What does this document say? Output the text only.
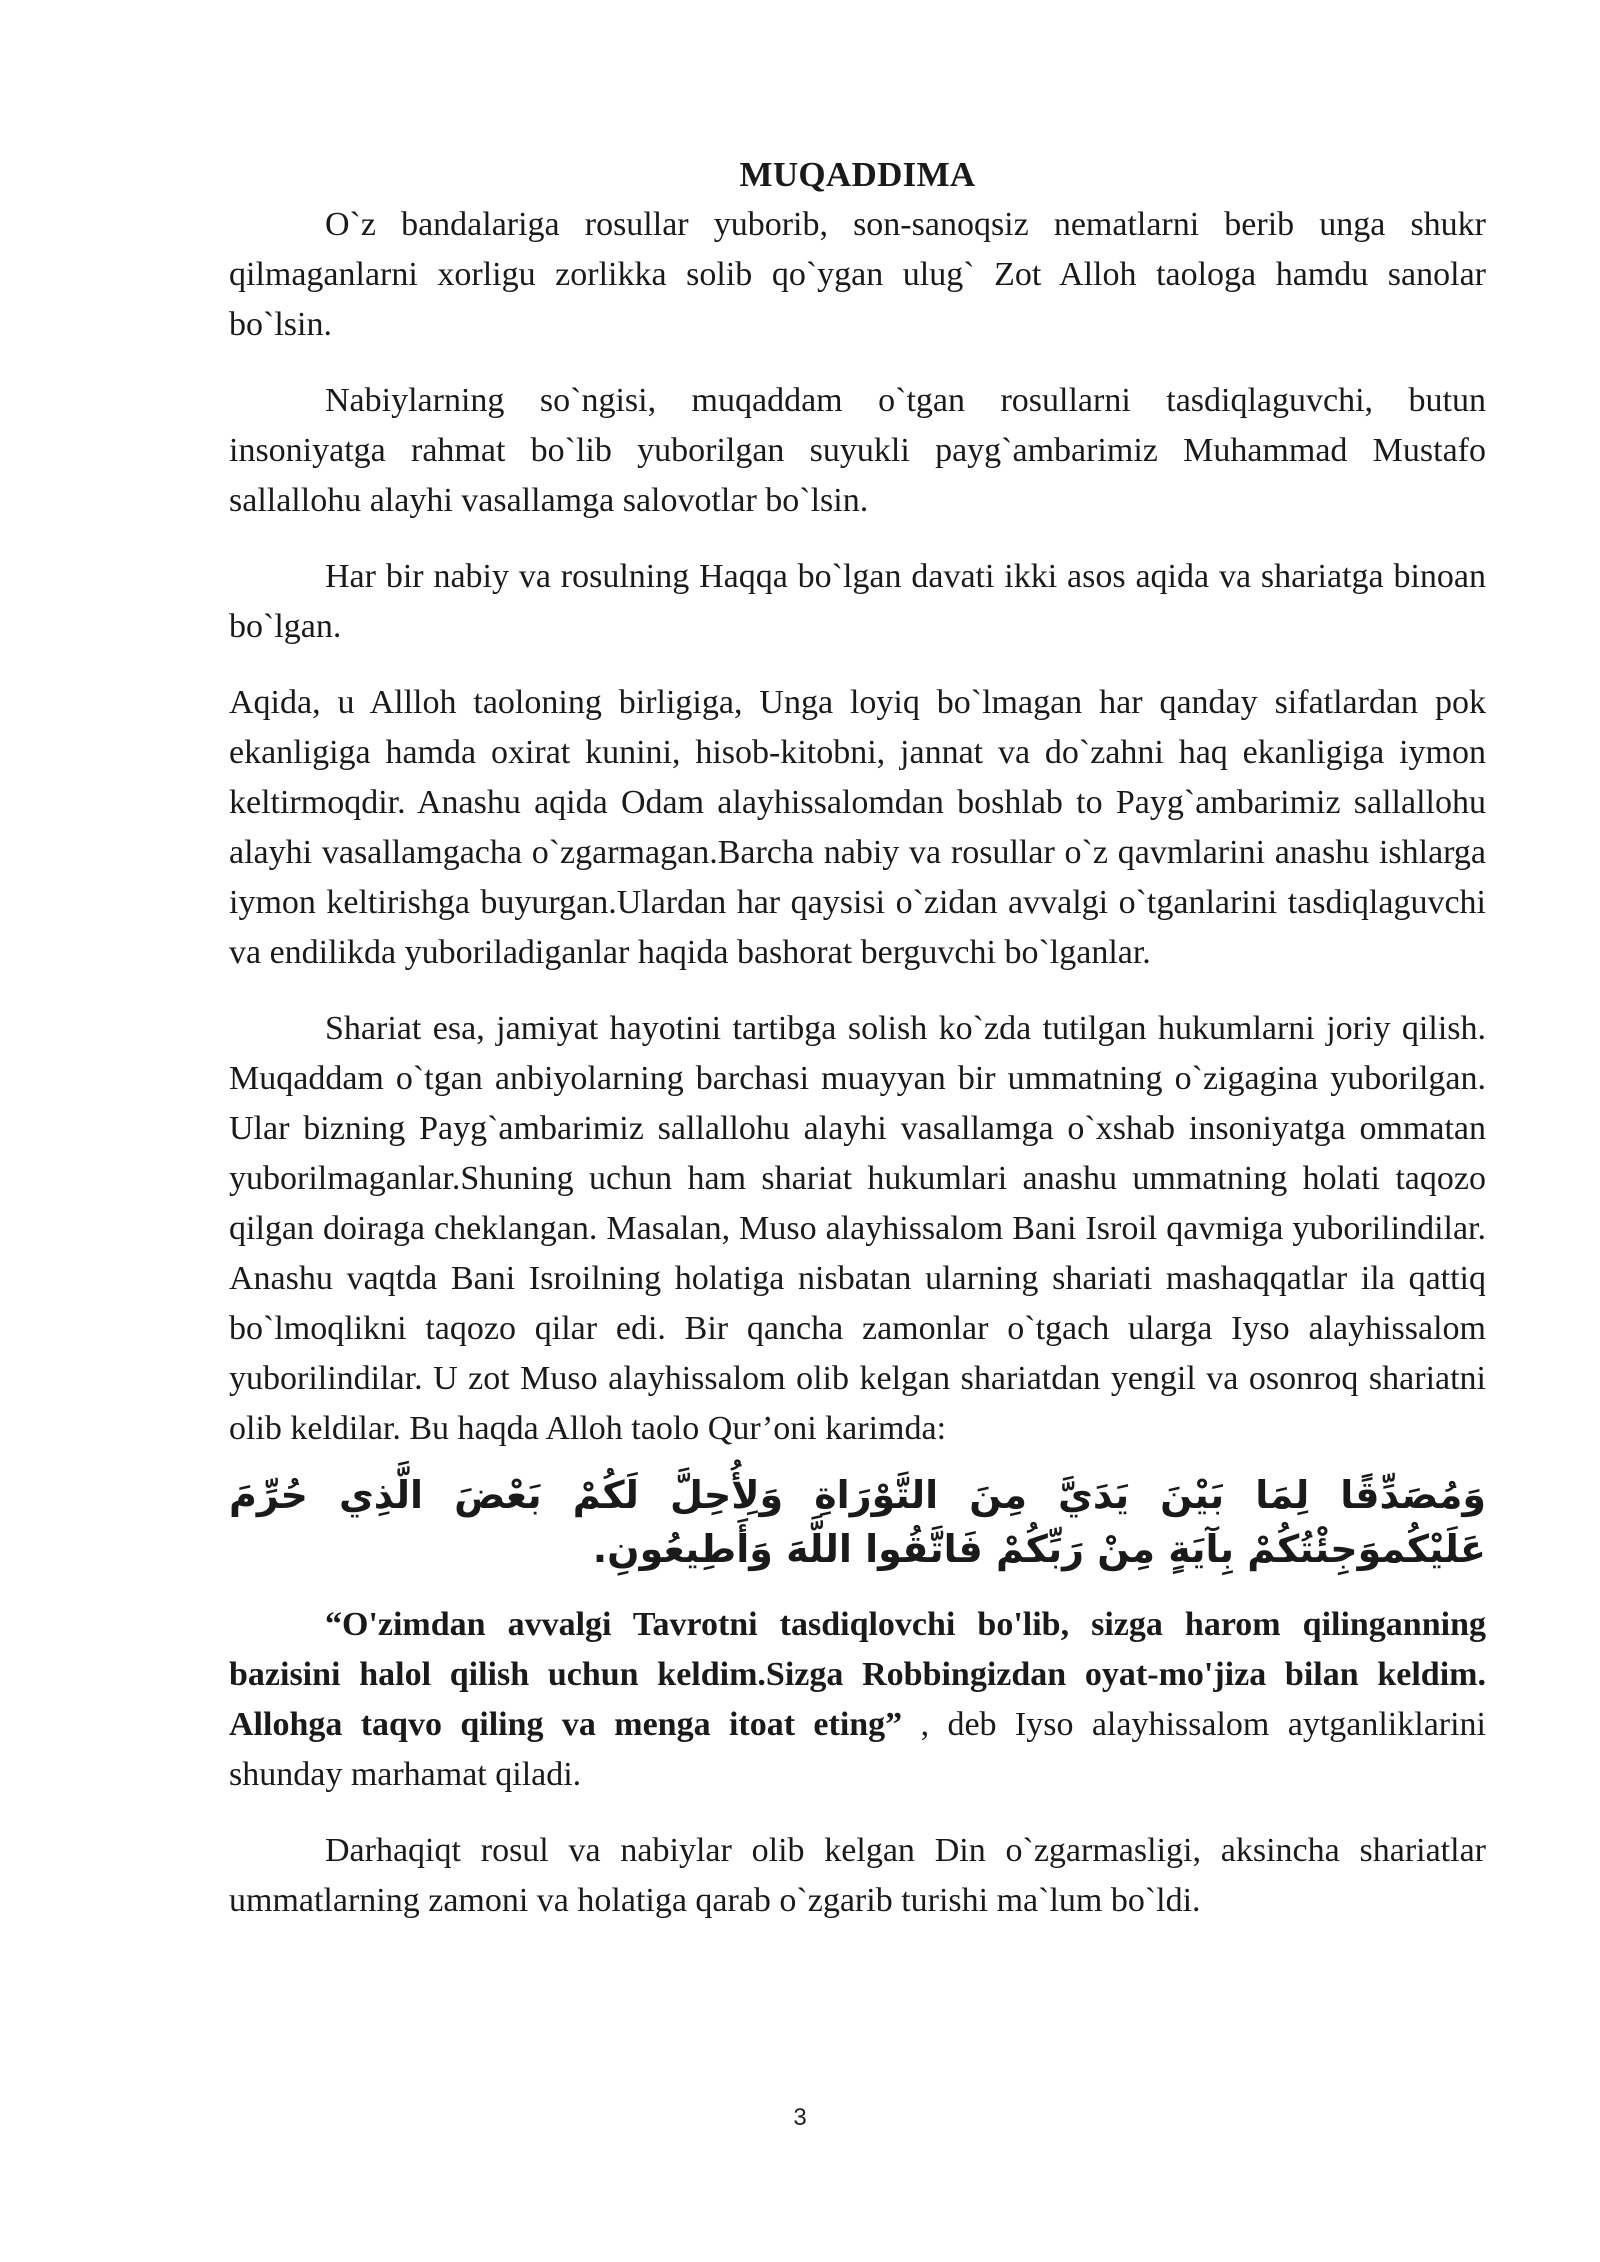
MUQADDIMA

O`z bandalariga rosullar yuborib, son-sanoqsiz nematlarni berib unga shukr qilmaganlarni xorligu zorlikka solib qo`ygan ulug` Zot Alloh taologa hamdu sanolar bo`lsin.

Nabiylarning so`ngisi, muqaddam o`tgan rosullarni tasdiqlaguvchi, butun insoniyatga rahmat bo`lib yuborilgan suyukli payg`ambarimiz Muhammad Mustafo sallallohu alayhi vasallamga salovotlar bo`lsin.

Har bir nabiy va rosulning Haqqa bo`lgan davati ikki asos aqida va shariatga binoan bo`lgan.

Aqida, u Allloh taoloning birligiga, Unga loyiq bo`lmagan har qanday sifatlardan pok ekanligiga hamda oxirat kunini, hisob-kitobni, jannat va do`zahni haq ekanligiga iymon keltirmoqdir. Anashu aqida Odam alayhissalomdan boshlab to Payg`ambarimiz sallallohu alayhi vasallamgacha o`zgarmagan.Barcha nabiy va rosullar o`z qavmlarini anashu ishlarga iymon keltirishga buyurgan.Ulardan har qaysisi o`zidan avvalgi o`tganlarini tasdiqlaguvchi va endilikda yuboriladiganlar haqida bashorat berguvchi bo`lganlar.

Shariat esa, jamiyat hayotini tartibga solish ko`zda tutilgan hukumlarni joriy qilish. Muqaddam o`tgan anbiyolarning barchasi muayyan bir ummatning o`zigagina yuborilgan. Ular bizning Payg`ambarimiz sallallohu alayhi vasallamga o`xshab insoniyatga ommatan yuborilmaganlar.Shuning uchun ham shariat hukumlari anashu ummatning holati taqozo qilgan doiraga cheklangan. Masalan, Muso alayhissalom Bani Isroil qavmiga yuborilindilar. Anashu vaqtda Bani Isroilning holatiga nisbatan ularning shariati mashaqqatlar ila qattiq bo`lmoqlikni taqozo qilar edi. Bir qancha zamonlar o`tgach ularga Iyso alayhissalom yuborilindilar. U zot Muso alayhissalom olib kelgan shariatdan yengil va osonroq shariatni olib keldilar. Bu haqda Alloh taolo Qur’oni karimda:

وَمُصَدِّقًا لِمَا بَيْنَ يَدَيَّ مِنَ التَّوْرَاةِ وَلِأُحِلَّ لَكُمْ بَعْضَ الَّذِي حُرِّمَ عَلَيْكُموَجِئْتُكُمْ بِآيَةٍ مِنْ رَبِّكُمْ فَاتَّقُوا اللَّهَ وَأَطِيعُونِ.

“O'zimdan avvalgi Tavrotni tasdiqlovchi bo'lib, sizga harom qilinganning bazisini halol qilish uchun keldim.Sizga Robbingizdan oyat-mo'jiza bilan keldim. Allohga taqvo qiling va menga itoat eting” , deb Iyso alayhissalom aytganliklarini shunday marhamat qiladi.

Darhaqiqt rosul va nabiylar olib kelgan Din o`zgarmasligi, aksincha shariatlar ummatlarning zamoni va holatiga qarab o`zgarib turishi ma`lum bo`ldi.

3
